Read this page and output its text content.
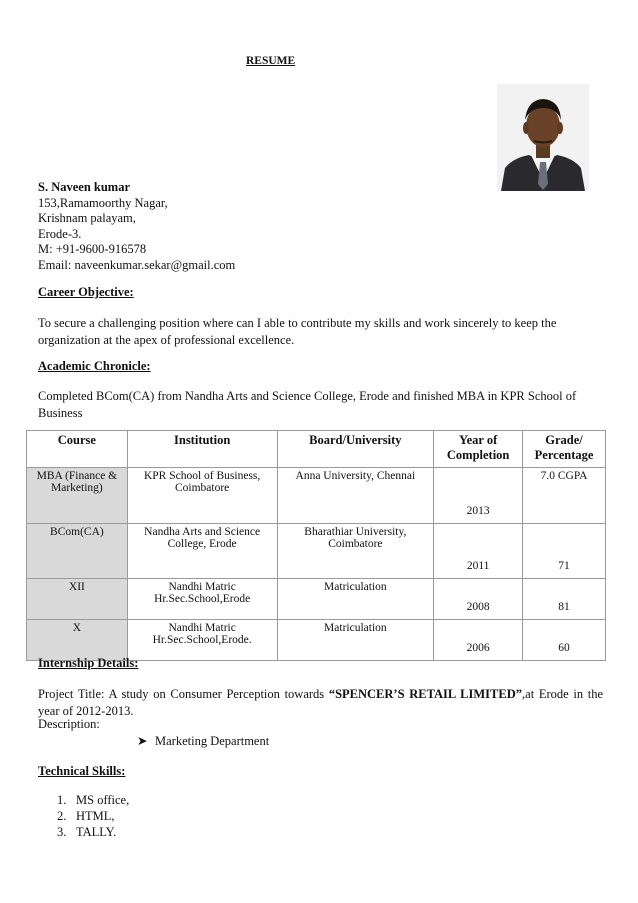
RESUME
S. Naveen kumar
153,Ramamoorthy Nagar,
Krishnam palayam,
Erode-3.
M: +91-9600-916578
Email: naveenkumar.sekar@gmail.com
Career Objective:
To secure a challenging position where can I able to contribute my skills and work sincerely to keep the organization at the apex of professional excellence.
Academic Chronicle:
Completed BCom(CA) from Nandha Arts and Science College, Erode and finished MBA in KPR School of Business
Course	Institution	Board/University	Year of Completion	Grade/ Percentage
MBA (Finance & Marketing)	KPR School of Business, Coimbatore	Anna University, Chennai	2013	7.0 CGPA
BCom(CA)	Nandha Arts and Science College, Erode	Bharathiar University, Coimbatore	2011	71
XII	Nandhi Matric Hr.Sec.School,Erode	Matriculation	2008	81
X	Nandhi Matric Hr.Sec.School,Erode.	Matriculation	2006	60
Internship Details:
Project Title: A study on Consumer Perception towards “SPENCER’S RETAIL LIMITED”,at Erode in the year of 2012-2013.
Description:
➤ Marketing Department
Technical Skills:
1. MS office,
2. HTML,
3. TALLY.
